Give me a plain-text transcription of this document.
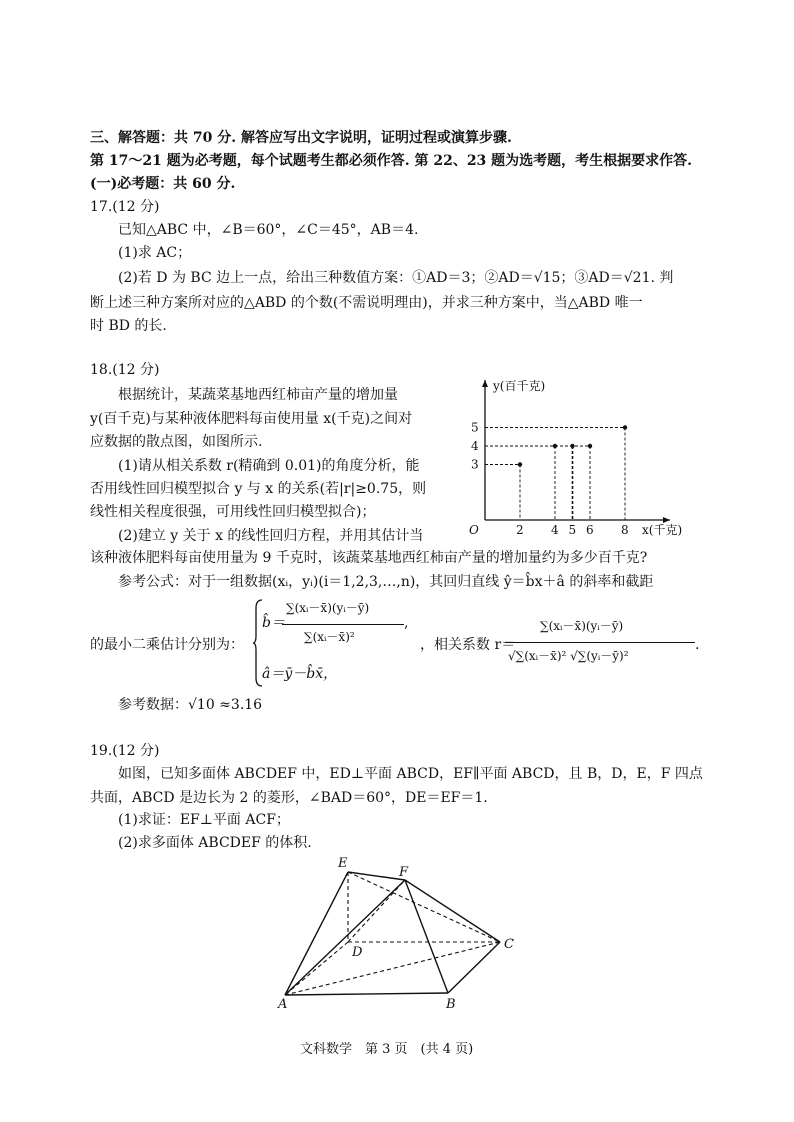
三、解答题：共 70 分. 解答应写出文字说明，证明过程或演算步骤.
第 17～21 题为必考题，每个试题考生都必须作答. 第 22、23 题为选考题，考生根据要求作答.
(一)必考题：共 60 分.
17.(12 分)
已知△ABC 中，∠B＝60°，∠C＝45°，AB＝4.
(1)求 AC；
(2)若 D 为 BC 边上一点，给出三种数值方案：①AD＝3；②AD＝√15；③AD＝√21. 判
断上述三种方案所对应的△ABD 的个数(不需说明理由)，并求三种方案中，当△ABD 唯一
时 BD 的长.
18.(12 分)
根据统计，某蔬菜基地西红柿亩产量的增加量
y(百千克)与某种液体肥料每亩使用量 x(千克)之间对
应数据的散点图，如图所示.
(1)请从相关系数 r(精确到 0.01)的角度分析，能
否用线性回归模型拟合 y 与 x 的关系(若|r|≥0.75，则
线性相关程度很强，可用线性回归模型拟合)；
(2)建立 y 关于 x 的线性回归方程，并用其估计当
该种液体肥料每亩使用量为 9 千克时，该蔬菜基地西红柿亩产量的增加量约为多少百千克?
参考公式：对于一组数据(xᵢ，yᵢ)(i＝1,2,3,…,n)，其回归直线 ŷ＝b̂x＋â 的斜率和截距
2 4 5 6 8
3
4
5
O
y(百千克)
x(千克)
的最小二乘估计分别为：
b̂＝
∑(xᵢ－x̄)(yᵢ－ȳ)
∑(xᵢ－x̄)²
,
â＝ȳ－b̂x̄，
，相关系数 r＝
∑(xᵢ－x̄)(yᵢ－ȳ)
√∑(xᵢ－x̄)² √∑(yᵢ－ȳ)²
.
参考数据：√10 ≈3.16
19.(12 分)
如图，已知多面体 ABCDEF 中，ED⊥平面 ABCD，EF∥平面 ABCD，且 B，D，E，F 四点
共面，ABCD 是边长为 2 的菱形，∠BAD＝60°，DE＝EF＝1.
(1)求证：EF⊥平面 ACF；
(2)求多面体 ABCDEF 的体积.
E
F
D
C
A	B
文科数学　第 3 页　(共 4 页)
